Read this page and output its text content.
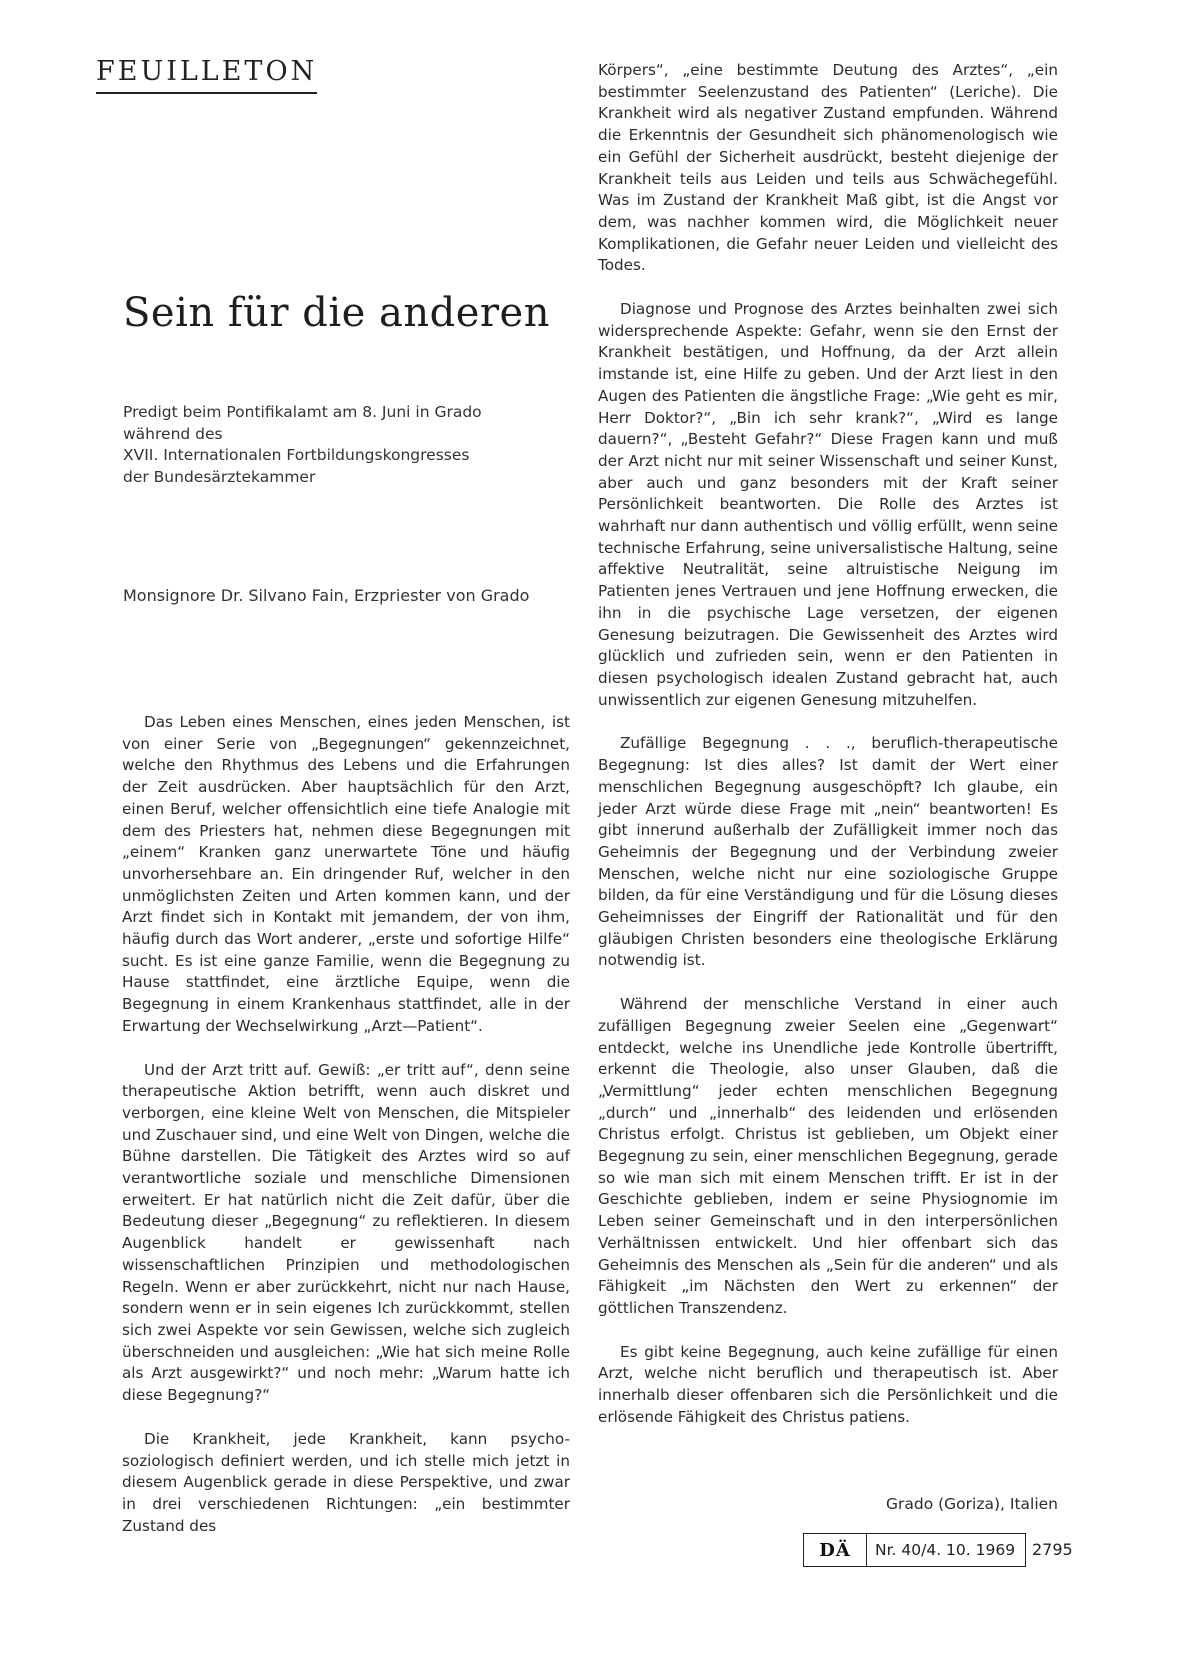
FEUILLETON
Sein für die anderen
Predigt beim Pontifikalamt am 8. Juni in Grado
während des
XVII. Internationalen Fortbildungskongresses
der Bundesärztekammer
Monsignore Dr. Silvano Fain, Erzpriester von Grado

Das Leben eines Menschen, eines jeden Menschen, ist von einer Serie von „Begegnungen“ gekennzeichnet, welche den Rhythmus des Lebens und die Erfahrungen der Zeit ausdrücken. Aber hauptsächlich für den Arzt, einen Beruf, welcher offensichtlich eine tiefe Analogie mit dem des Priesters hat, nehmen diese Begegnungen mit „einem“ Kranken ganz unerwartete Töne und häufig unvorhersehbare an. Ein dringender Ruf, welcher in den unmöglichsten Zeiten und Arten kommen kann, und der Arzt findet sich in Kontakt mit jemandem, der von ihm, häufig durch das Wort anderer, „erste und sofortige Hilfe“ sucht. Es ist eine ganze Familie, wenn die Begegnung zu Hause stattfindet, eine ärztliche Equipe, wenn die Begegnung in einem Krankenhaus stattfindet, alle in der Erwartung der Wechselwirkung „Arzt—Patient“.

Und der Arzt tritt auf. Gewiß: „er tritt auf“, denn seine therapeutische Aktion betrifft, wenn auch diskret und verborgen, eine kleine Welt von Menschen, die Mitspieler und Zuschauer sind, und eine Welt von Dingen, welche die Bühne darstellen. Die Tätigkeit des Arztes wird so auf verantwortliche soziale und menschliche Dimensionen erweitert. Er hat natürlich nicht die Zeit dafür, über die Bedeutung dieser „Begegnung“ zu reflektieren. In diesem Augenblick handelt er gewissenhaft nach wissenschaftlichen Prinzipien und methodologischen Regeln. Wenn er aber zurückkehrt, nicht nur nach Hause, sondern wenn er in sein eigenes Ich zurückkommt, stellen sich zwei Aspekte vor sein Gewissen, welche sich zugleich überschneiden und ausgleichen: „Wie hat sich meine Rolle als Arzt ausgewirkt?“ und noch mehr: „Warum hatte ich diese Begegnung?“

Die Krankheit, jede Krankheit, kann psycho-soziologisch definiert werden, und ich stelle mich jetzt in diesem Augenblick gerade in diese Perspektive, und zwar in drei verschiedenen Richtungen: „ein bestimmter Zustand des

Körpers“, „eine bestimmte Deutung des Arztes“, „ein bestimmter Seelenzustand des Patienten“ (Leriche). Die Krankheit wird als negativer Zustand empfunden. Während die Erkenntnis der Gesundheit sich phänomenologisch wie ein Gefühl der Sicherheit ausdrückt, besteht diejenige der Krankheit teils aus Leiden und teils aus Schwächegefühl. Was im Zustand der Krankheit Maß gibt, ist die Angst vor dem, was nachher kommen wird, die Möglichkeit neuer Komplikationen, die Gefahr neuer Leiden und vielleicht des Todes.

Diagnose und Prognose des Arztes beinhalten zwei sich widersprechende Aspekte: Gefahr, wenn sie den Ernst der Krankheit bestätigen, und Hoffnung, da der Arzt allein imstande ist, eine Hilfe zu geben. Und der Arzt liest in den Augen des Patienten die ängstliche Frage: „Wie geht es mir, Herr Doktor?“, „Bin ich sehr krank?“, „Wird es lange dauern?“, „Besteht Gefahr?“ Diese Fragen kann und muß der Arzt nicht nur mit seiner Wissenschaft und seiner Kunst, aber auch und ganz besonders mit der Kraft seiner Persönlichkeit beantworten. Die Rolle des Arztes ist wahrhaft nur dann authentisch und völlig erfüllt, wenn seine technische Erfahrung, seine universalistische Haltung, seine affektive Neutralität, seine altruistische Neigung im Patienten jenes Vertrauen und jene Hoffnung erwecken, die ihn in die psychische Lage versetzen, der eigenen Genesung beizutragen. Die Gewissenheit des Arztes wird glücklich und zufrieden sein, wenn er den Patienten in diesen psychologisch idealen Zustand gebracht hat, auch unwissentlich zur eigenen Genesung mitzuhelfen.

Zufällige Begegnung . . ., beruflich-therapeutische Begegnung: Ist dies alles? Ist damit der Wert einer menschlichen Begegnung ausgeschöpft? Ich glaube, ein jeder Arzt würde diese Frage mit „nein“ beantworten! Es gibt innerund außerhalb der Zufälligkeit immer noch das Geheimnis der Begegnung und der Verbindung zweier Menschen, welche nicht nur eine soziologische Gruppe bilden, da für eine Verständigung und für die Lösung dieses Geheimnisses der Eingriff der Rationalität und für den gläubigen Christen besonders eine theologische Erklärung notwendig ist.

Während der menschliche Verstand in einer auch zufälligen Begegnung zweier Seelen eine „Gegenwart“ entdeckt, welche ins Unendliche jede Kontrolle übertrifft, erkennt die Theologie, also unser Glauben, daß die „Vermittlung“ jeder echten menschlichen Begegnung „durch“ und „innerhalb“ des leidenden und erlösenden Christus erfolgt. Christus ist geblieben, um Objekt einer Begegnung zu sein, einer menschlichen Begegnung, gerade so wie man sich mit einem Menschen trifft. Er ist in der Geschichte geblieben, indem er seine Physiognomie im Leben seiner Gemeinschaft und in den interpersönlichen Verhältnissen entwickelt. Und hier offenbart sich das Geheimnis des Menschen als „Sein für die anderen“ und als Fähigkeit „im Nächsten den Wert zu erkennen“ der göttlichen Transzendenz.

Es gibt keine Begegnung, auch keine zufällige für einen Arzt, welche nicht beruflich und therapeutisch ist. Aber innerhalb dieser offenbaren sich die Persönlichkeit und die erlösende Fähigkeit des Christus patiens.

Grado (Goriza), Italien
DÄ	Nr. 40/4. 10. 1969	2795
